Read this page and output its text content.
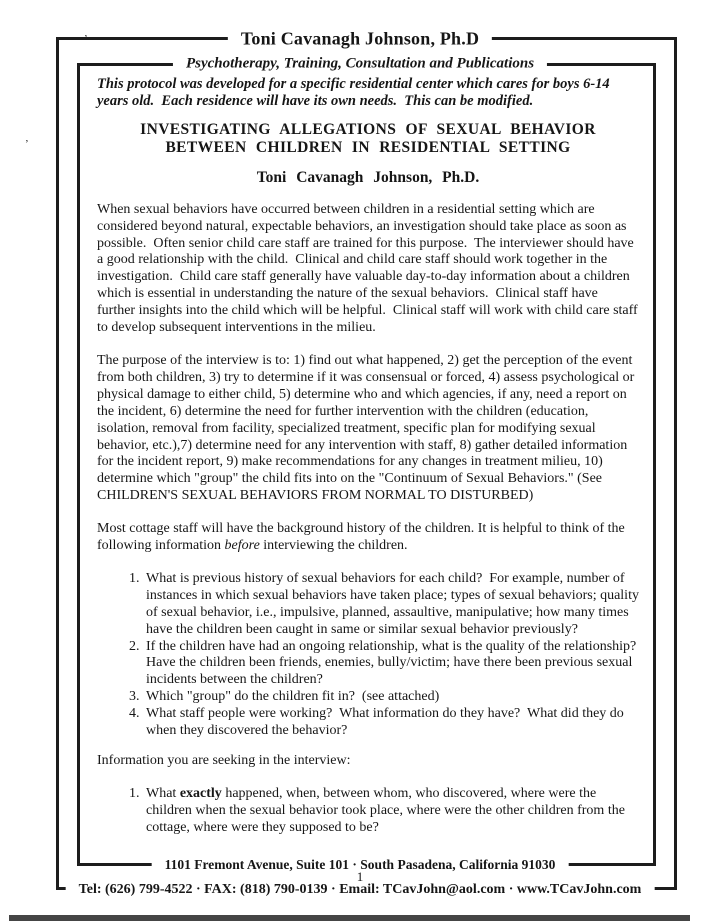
’
’
Toni Cavanagh Johnson, Ph.D
Psychotherapy, Training, Consultation and Publications

This protocol was developed for a specific residential center which cares for boys 6-14 years old.  Each residence will have its own needs.  This can be modified.

INVESTIGATING ALLEGATIONS OF SEXUAL BEHAVIOR
BETWEEN CHILDREN IN RESIDENTIAL SETTING
Toni Cavanagh Johnson, Ph.D.

When sexual behaviors have occurred between children in a residential setting which are considered beyond natural, expectable behaviors, an investigation should take place as soon as possible.  Often senior child care staff are trained for this purpose.  The interviewer should have a good relationship with the child.  Clinical and child care staff should work together in the investigation.  Child care staff generally have valuable day-to-day information about a children which is essential in understanding the nature of the sexual behaviors.  Clinical staff have further insights into the child which will be helpful.  Clinical staff will work with child care staff to develop subsequent interventions in the milieu.

The purpose of the interview is to: 1) find out what happened, 2) get the perception of the event from both children, 3) try to determine if it was consensual or forced, 4) assess psychological or physical damage to either child, 5) determine who and which agencies, if any, need a report on the incident, 6) determine the need for further intervention with the children (education, isolation, removal from facility, specialized treatment, specific plan for modifying sexual behavior, etc.),7) determine need for any intervention with staff, 8) gather detailed information for the incident report, 9) make recommendations for any changes in treatment milieu, 10) determine which "group" the child fits into on the "Continuum of Sexual Behaviors." (See CHILDREN'S SEXUAL BEHAVIORS FROM NORMAL TO DISTURBED)

Most cottage staff will have the background history of the children. It is helpful to think of the following information before interviewing the children.

1. What is previous history of sexual behaviors for each child?  For example, number of instances in which sexual behaviors have taken place; types of sexual behaviors; quality of sexual behavior, i.e., impulsive, planned, assaultive, manipulative; how many times have the children been caught in same or similar sexual behavior previously?
2. If the children have had an ongoing relationship, what is the quality of the relationship?  Have the children been friends, enemies, bully/victim; have there been previous sexual incidents between the children?
3. Which "group" do the children fit in?  (see attached)
4. What staff people were working?  What information do they have?  What did they do when they discovered the behavior?

Information you are seeking in the interview:

1. What exactly happened, when, between whom, who discovered, where were the children when the sexual behavior took place, where were the other children from the cottage, where were they supposed to be?
1101 Fremont Avenue, Suite 101 · South Pasadena, California 91030
1
Tel: (626) 799-4522 · FAX: (818) 790-0139 · Email: TCavJohn@aol.com · www.TCavJohn.com
